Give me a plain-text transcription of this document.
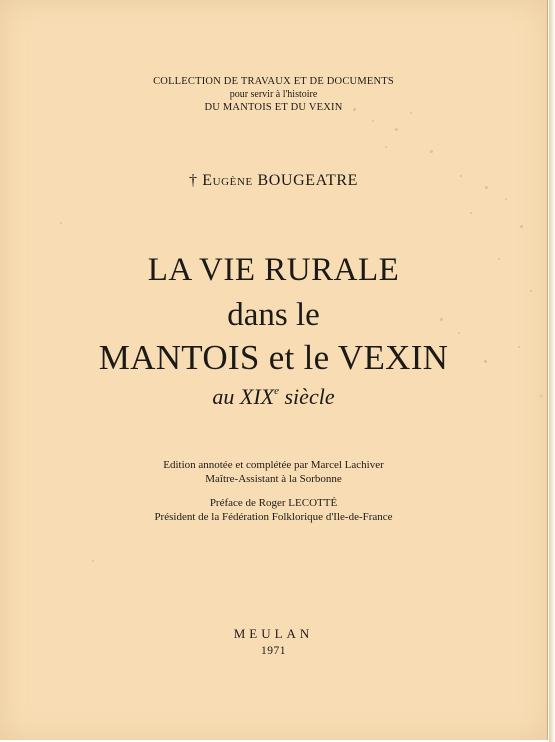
COLLECTION DE TRAVAUX ET DE DOCUMENTS
pour servir à l'histoire
DU MANTOIS ET DU VEXIN
† Eugène BOUGEATRE
LA VIE RURALE
dans le
MANTOIS et le VEXIN
au XIXe siècle
Edition annotée et complétée par Marcel Lachiver
Maître-Assistant à la Sorbonne
Préface de Roger LECOTTÉ
Président de la Fédération Folklorique d'Ile-de-France
MEULAN
1971
